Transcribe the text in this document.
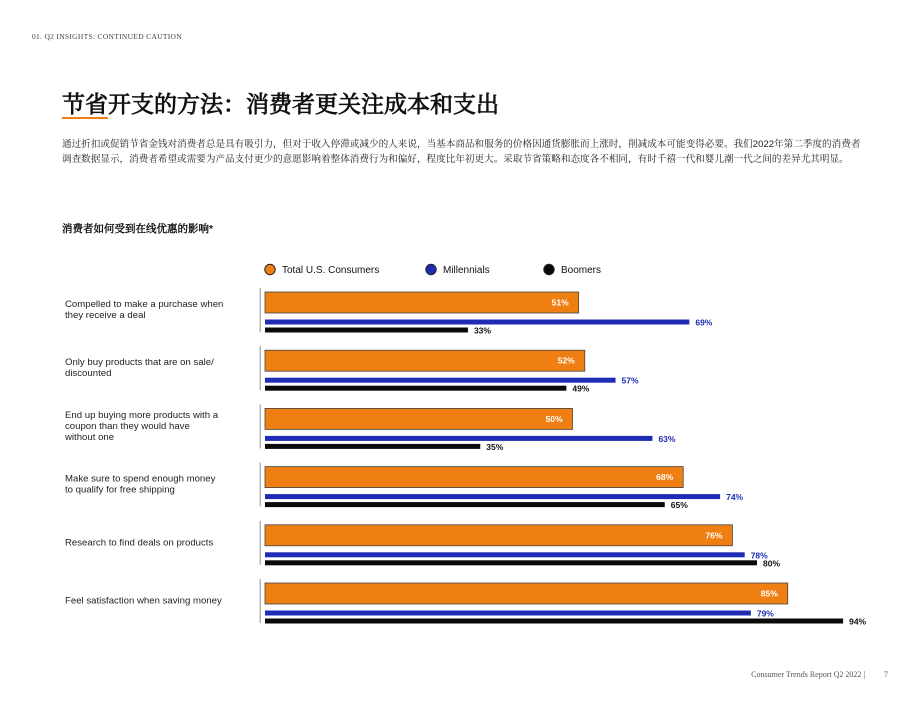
01. Q2 INSIGHTS: CONTINUED CAUTION
节省开支的方法：消费者更关注成本和支出
通过折扣或促销节省金钱对消费者总是具有吸引力，但对于收入停滞或减少的人来说，当基本商品和服务的价格因通货膨胀而上涨时，削减成本可能变得必要。我们2022年第二季度的消费者调查数据显示，消费者希望或需要为产品支付更少的意愿影响着整体消费行为和偏好，程度比年初更大。采取节省策略和态度各不相同，有时千禧一代和婴儿潮一代之间的差异尤其明显。
消费者如何受到在线优惠的影响*
Total U.S. Consumers	Millennials	Boomers
Compelled to make a purchase when
they receive a deal
51%
69%
33%
Only buy products that are on sale/
discounted
52%
57%
49%
End up buying more products with a
coupon than they would have
without one
50%
63%
35%
Make sure to spend enough money
to qualify for free shipping
68%
74%
65%
Research to find deals on products
76%
78%
80%
Feel satisfaction when saving money
85%
79%
94%
Consumer Trends Report Q2 2022 | 7
